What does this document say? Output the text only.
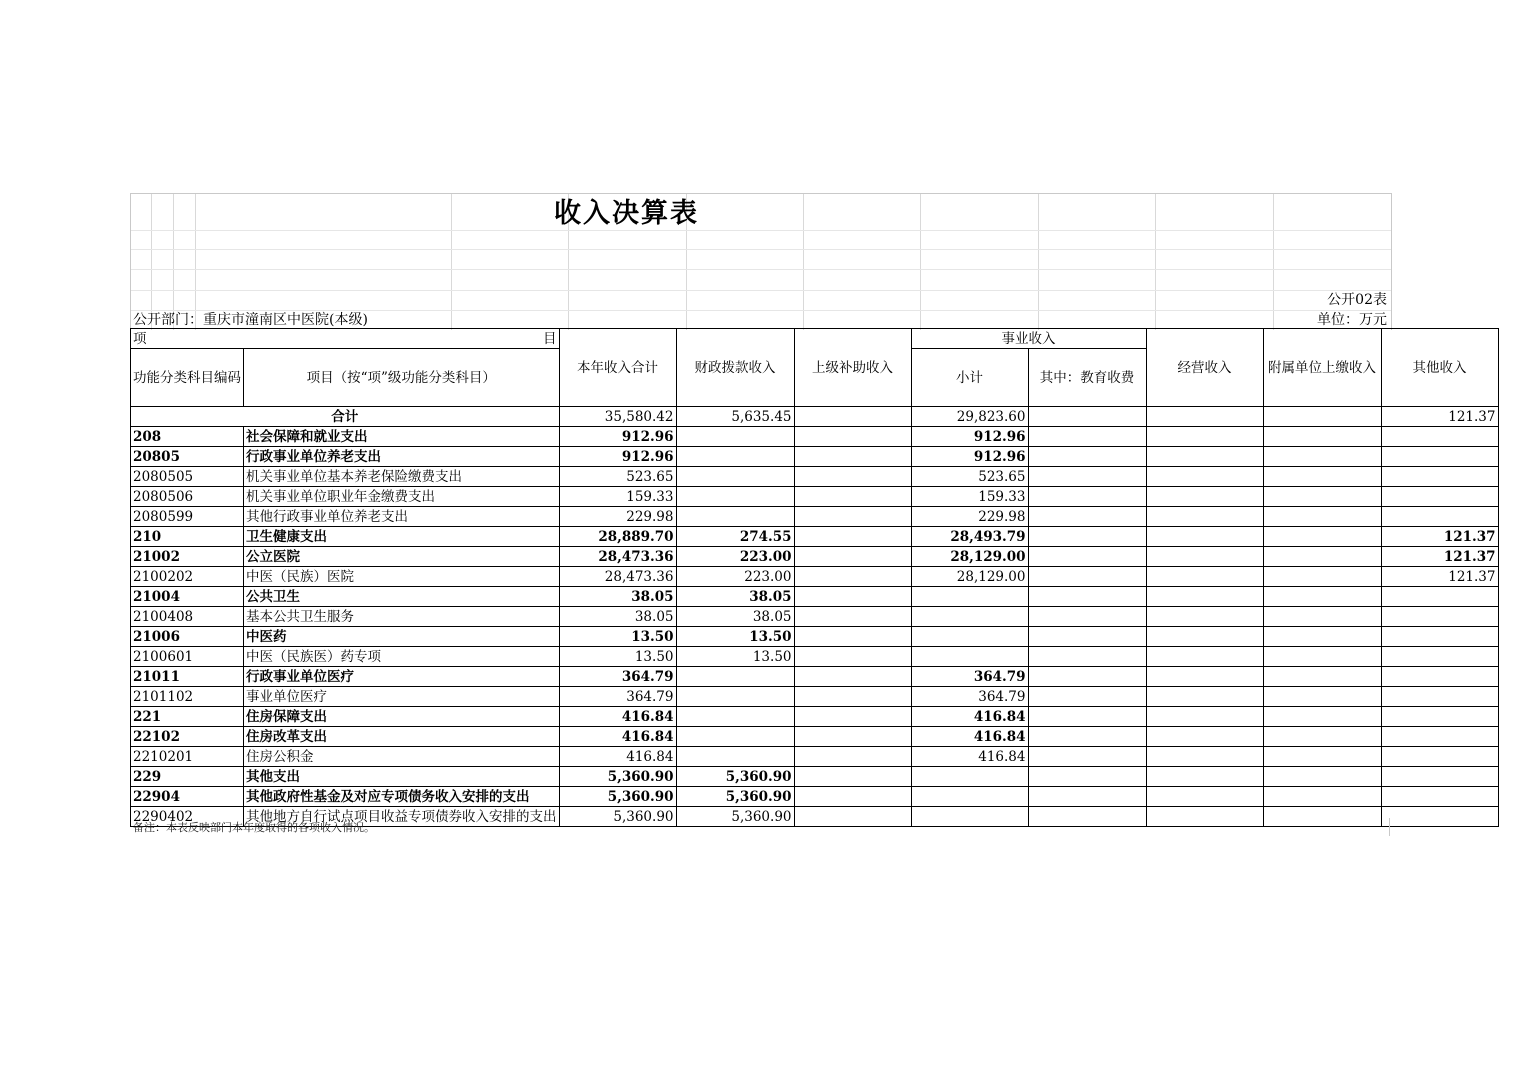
收入决算表
公开02表
公开部门：重庆市潼南区中医院(本级)	单位：万元
项 目		本年收入合计	财政拨款收入	上级补助收入	事业收入		经营收入	附属单位上缴收入	其他收入
功能分类科目编码	项目（按“项”级功能分类科目）				小计	其中：教育收费			
合计		35,580.42	5,635.45		29,823.60				121.37
208	社会保障和就业支出	912.96			912.96				
20805	行政事业单位养老支出	912.96			912.96				
2080505	机关事业单位基本养老保险缴费支出	523.65			523.65				
2080506	机关事业单位职业年金缴费支出	159.33			159.33				
2080599	其他行政事业单位养老支出	229.98			229.98				
210	卫生健康支出	28,889.70	274.55		28,493.79				121.37
21002	公立医院	28,473.36	223.00		28,129.00				121.37
2100202	中医（民族）医院	28,473.36	223.00		28,129.00				121.37
21004	公共卫生	38.05	38.05						
2100408	基本公共卫生服务	38.05	38.05						
21006	中医药	13.50	13.50						
2100601	中医（民族医）药专项	13.50	13.50						
21011	行政事业单位医疗	364.79			364.79				
2101102	事业单位医疗	364.79			364.79				
221	住房保障支出	416.84			416.84				
22102	住房改革支出	416.84			416.84				
2210201	住房公积金	416.84			416.84				
229	其他支出	5,360.90	5,360.90						
22904	其他政府性基金及对应专项债务收入安排的支出	5,360.90	5,360.90						
2290402	其他地方自行试点项目收益专项债券收入安排的支出	5,360.90	5,360.90						
备注：本表反映部门本年度取得的各项收入情况。
